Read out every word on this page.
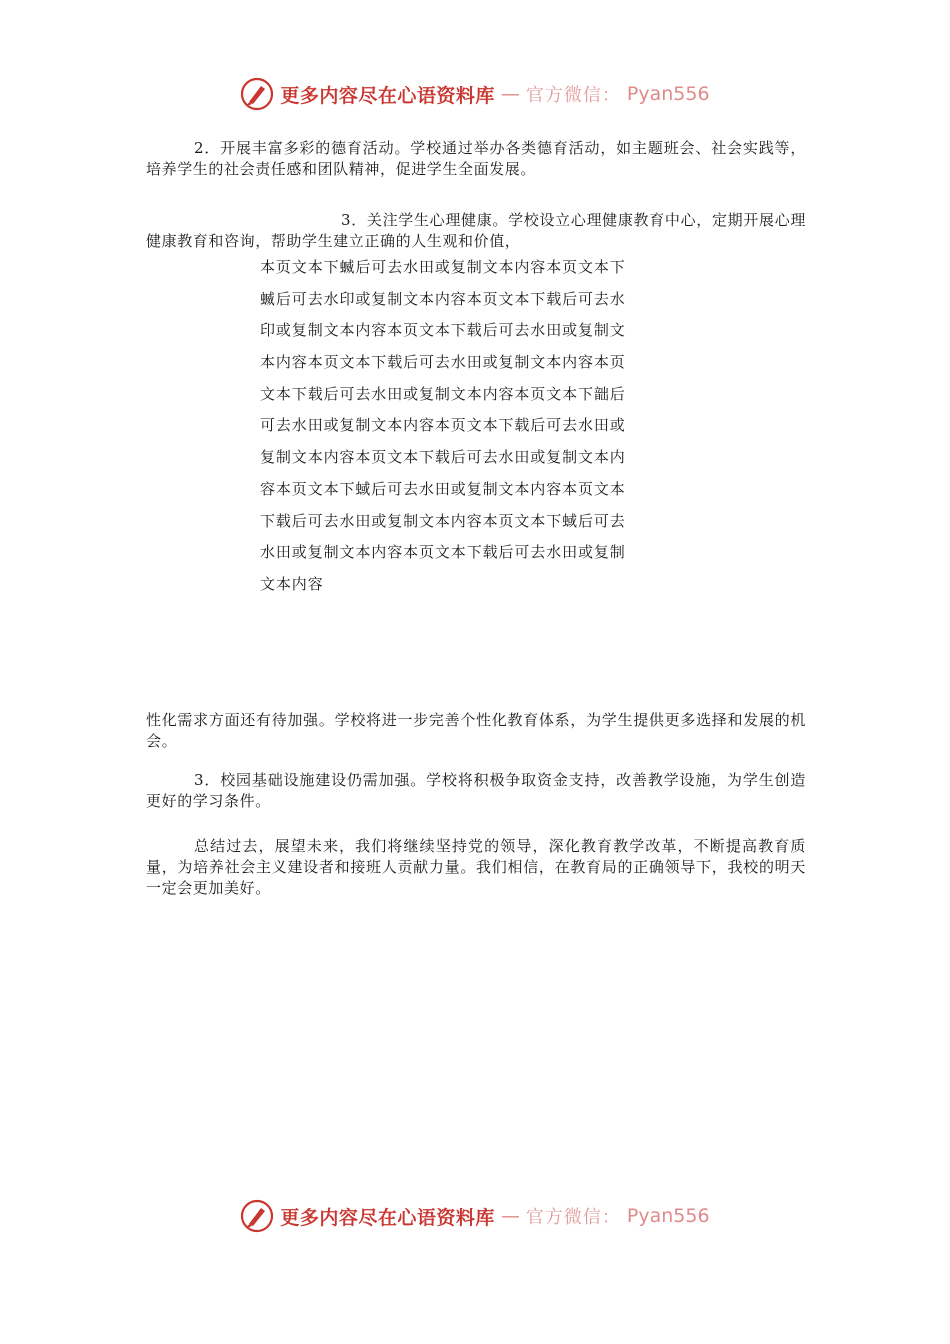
更多内容尽在心语资料库 — 官方微信： Pyan556

2．开展丰富多彩的德育活动。学校通过举办各类德育活动，如主题班会、社会实践等，培养学生的社会责任感和团队精神，促进学生全面发展。

3．关注学生心理健康。学校设立心理健康教育中心，定期开展心理健康教育和咨询，帮助学生建立正确的人生观和价值，

本页文本下蝛后可去水田或复制文本内容本页文本下
蝛后可去水印或复制文本内容本页文本下载后可去水
印或复制文本内容本页文本下载后可去水田或复制文
本内容本页文本下载后可去水田或复制文本内容本页
文本下载后可去水田或复制文本内容本页文本下韷后
可去水田或复制文本内容本页文本下载后可去水田或
复制文本内容本页文本下载后可去水田或复制文本内
容本页文本下蜮后可去水田或复制文本内容本页文本
下载后可去水田或复制文本内容本页文本下蜮后可去
水田或复制文本内容本页文本下载后可去水田或复制
文本内容

性化需求方面还有待加强。学校将进一步完善个性化教育体系，为学生提供更多选择和发展的机会。

3．校园基础设施建设仍需加强。学校将积极争取资金支持，改善教学设施，为学生创造更好的学习条件。

总结过去，展望未来，我们将继续坚持党的领导，深化教育教学改革，不断提高教育质量，为培养社会主义建设者和接班人贡献力量。我们相信，在教育局的正确领导下，我校的明天一定会更加美好。

更多内容尽在心语资料库 — 官方微信： Pyan556
